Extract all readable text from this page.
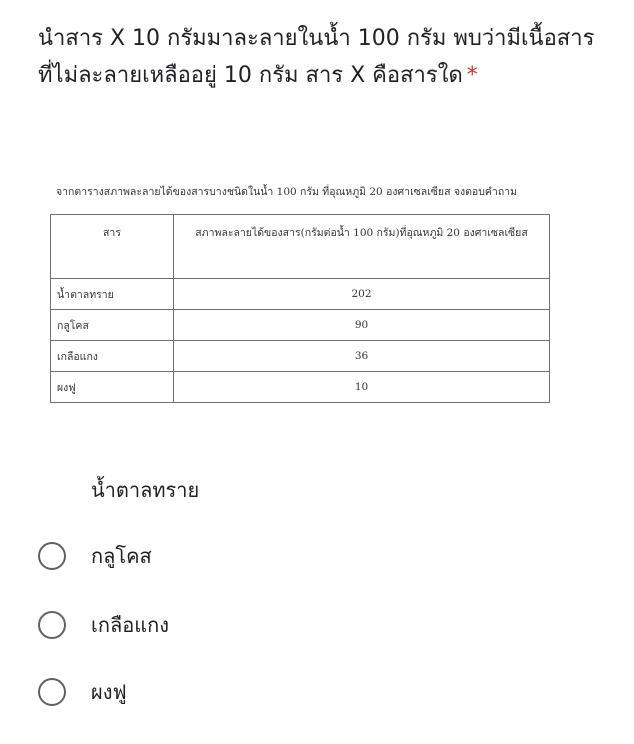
นำสาร X 10 กรัมมาละลายในน้ำ 100 กรัม พบว่ามีเนื้อสารที่ไม่ละลายเหลืออยู่ 10 กรัม สาร X คือสารใด *

จากตารางสภาพละลายได้ของสารบางชนิดในน้ำ 100 กรัม ที่อุณหภูมิ 20 องศาเซลเซียส จงตอบคำถาม

สาร	สภาพละลายได้ของสาร(กรัมต่อน้ำ 100 กรัม)ที่อุณหภูมิ 20 องศาเซลเซียส
น้ำตาลทราย	202
กลูโคส	90
เกลือแกง	36
ผงฟู	10
น้ำตาลทราย
กลูโคส
เกลือแกง
ผงฟู
